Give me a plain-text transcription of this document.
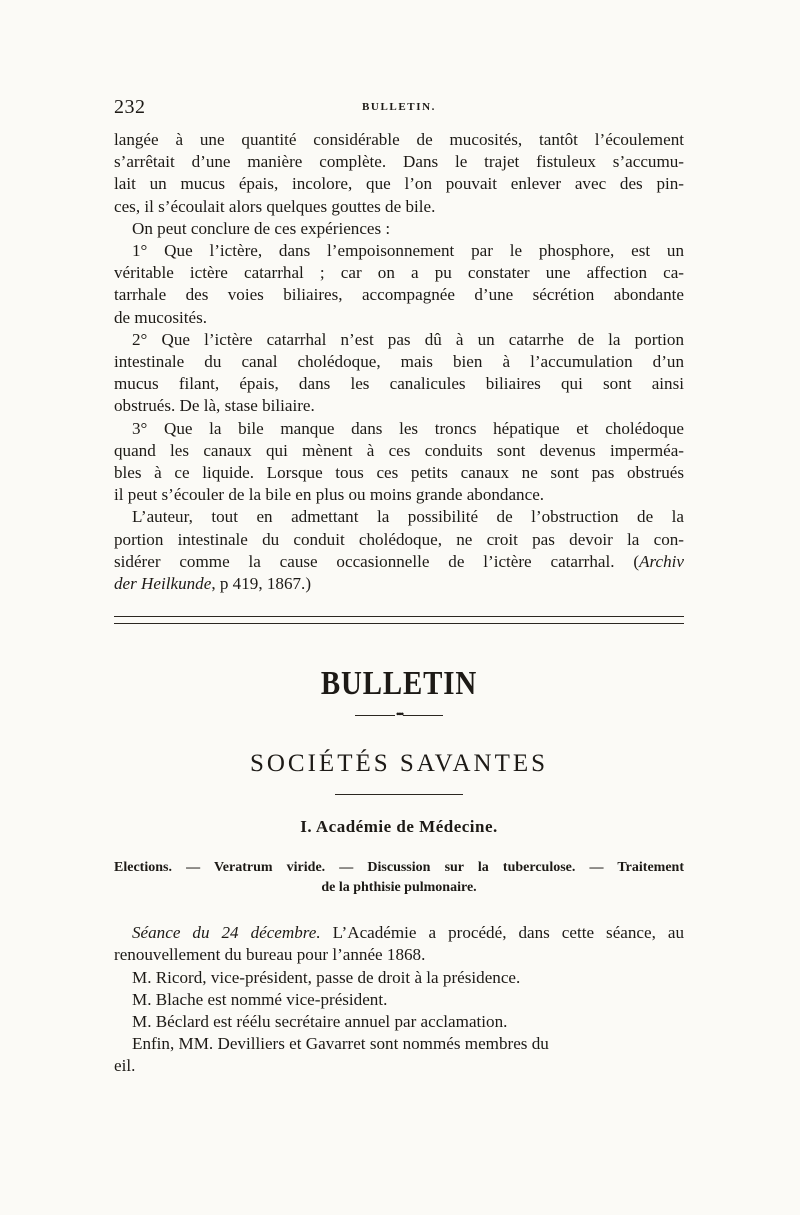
232	BULLETIN.

langée à une quantité considérable de mucosités, tantôt l’écoulement
s’arrêtait d’une manière complète. Dans le trajet fistuleux s’accumu-
lait un mucus épais, incolore, que l’on pouvait enlever avec des pin-
ces, il s’écoulait alors quelques gouttes de bile.

On peut conclure de ces expériences :

1° Que l’ictère, dans l’empoisonnement par le phosphore, est un
véritable ictère catarrhal ; car on a pu constater une affection ca-
tarrhale des voies biliaires, accompagnée d’une sécrétion abondante
de mucosités.

2° Que l’ictère catarrhal n’est pas dû à un catarrhe de la portion
intestinale du canal cholédoque, mais bien à l’accumulation d’un
mucus filant, épais, dans les canalicules biliaires qui sont ainsi
obstrués. De là, stase biliaire.

3° Que la bile manque dans les troncs hépatique et cholédoque
quand les canaux qui mènent à ces conduits sont devenus imperméa-
bles à ce liquide. Lorsque tous ces petits canaux ne sont pas obstrués
il peut s’écouler de la bile en plus ou moins grande abondance.

L’auteur, tout en admettant la possibilité de l’obstruction de la
portion intestinale du conduit cholédoque, ne croit pas devoir la con-
sidérer comme la cause occasionnelle de l’ictère catarrhal. (Archiv
der Heilkunde, p 419, 1867.)

BULLETIN
•••
SOCIÉTÉS SAVANTES
I. Académie de Médecine.
Elections. — Veratrum viride. — Discussion sur la tuberculose. — Traitement
de la phthisie pulmonaire.

Séance du 24 décembre. L’Académie a procédé, dans cette séance, au
renouvellement du bureau pour l’année 1868.

M. Ricord, vice-président, passe de droit à la présidence.

M. Blache est nommé vice-président.

M. Béclard est réélu secrétaire annuel par acclamation.

Enfin, MM. Devilliers et Gavarret sont nommés membres du
eil.
